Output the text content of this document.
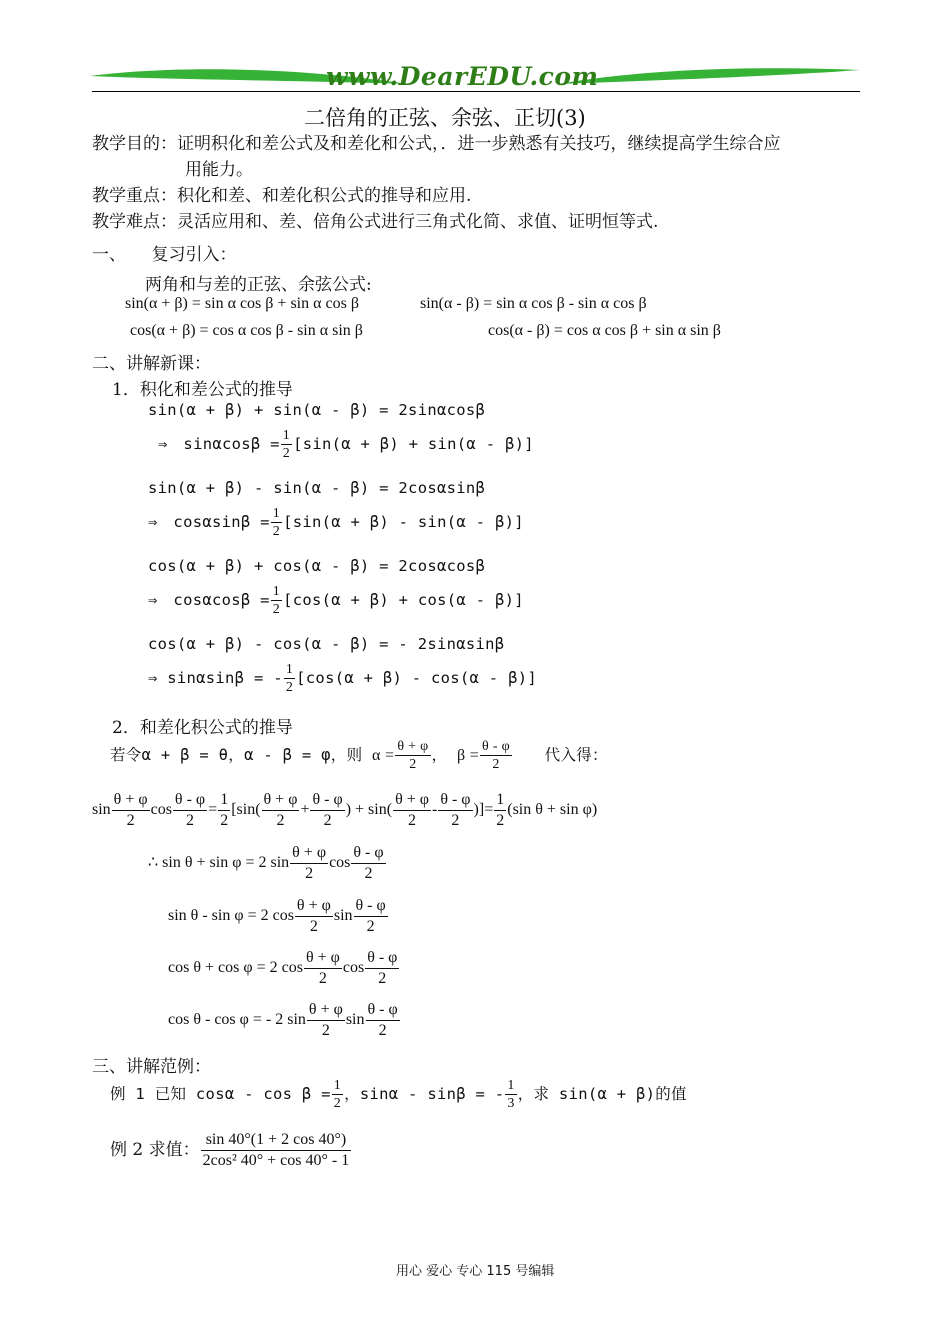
www.DearEDU.com
二倍角的正弦、余弦、正切(3)
教学目的：证明积化和差公式及和差化和公式，．进一步熟悉有关技巧，继续提高学生综合应
用能力。
教学重点：积化和差、和差化积公式的推导和应用.
教学难点：灵活应用和、差、倍角公式进行三角式化简、求值、证明恒等式.
一、　　复习引入：
两角和与差的正弦、余弦公式:
sin(α + β) = sin α cos β + sin α cos β	sin(α - β) = sin α cos β - sin α cos β
cos(α + β) = cos α cos β - sin α sin β	cos(α - β) = cos α cos β + sin α sin β
二、讲解新课：
1．积化和差公式的推导
sin(α + β) + sin(α - β) = 2sinαcosβ
⇒　$\sin\alpha\cos\beta = \frac{1}{2} [\sin(\alpha + \beta) + \sin(\alpha - \beta)]$
sin(α + β) - sin(α - β) = 2cosαsinβ
⇒　$\cos\alpha\sin\beta = \frac{1}{2} [\sin(\alpha + \beta) - \sin(\alpha - \beta)]$
cos(α + β) + cos(α - β) = 2cosαcosβ
⇒　$\cos\alpha\cos\beta = \frac{1}{2} [\cos(\alpha + \beta) + \cos(\alpha - \beta)]$
cos(α + β) - cos(α - β) = - 2sinαsinβ
⇒ sinαsinβ = - $\frac{1}{2} [\cos(\alpha + \beta) - \cos(\alpha - \beta)]$
2．和差化积公式的推导
若令α + β = θ，α - β = φ，则 $\alpha = \frac{\theta + \varphi}{2}$ ， $\beta = \frac{\theta - \varphi}{2}$ 代入得：
$\sin \frac{\theta + \varphi}{2}$ $\cos \frac{\theta - \varphi}{2} = \frac{1}{2} [\sin( \frac{\theta + \varphi}{2} + \frac{\theta - \varphi}{2}$ ) + $\sin( \frac{\theta + \varphi}{2} - \frac{\theta - \varphi}{2}$ )]= $\frac{1}{2} (\sin$ θ + sin φ)
∴ sin θ + sin φ = 2 $\sin \frac{\theta + \varphi}{2}$ $\cos \frac{\theta - \varphi}{2}$
sin θ - sin φ = 2 $\cos \frac{\theta + \varphi}{2}$ $\sin \frac{\theta - \varphi}{2}$
cos θ + cos φ = 2 $\cos \frac{\theta + \varphi}{2}$ $\cos \frac{\theta - \varphi}{2}$
cos θ - cos φ = - 2 $\sin \frac{\theta + \varphi}{2}$ $\sin \frac{\theta - \varphi}{2}$
三、讲解范例：
例 1 已知 $\cos\alpha - \cos \beta = \frac{1}{2}$ ，sinα - sinβ = - $\frac{1}{3}$ ，求 sin(α + β)的值
例 2 求值： $\frac{\sin 40^\circ(1 + 2 \cos 40^\circ)}{\text{2cos² 40° + cos 40° - 1}}$
用心 爱心 专心 115 号编辑
